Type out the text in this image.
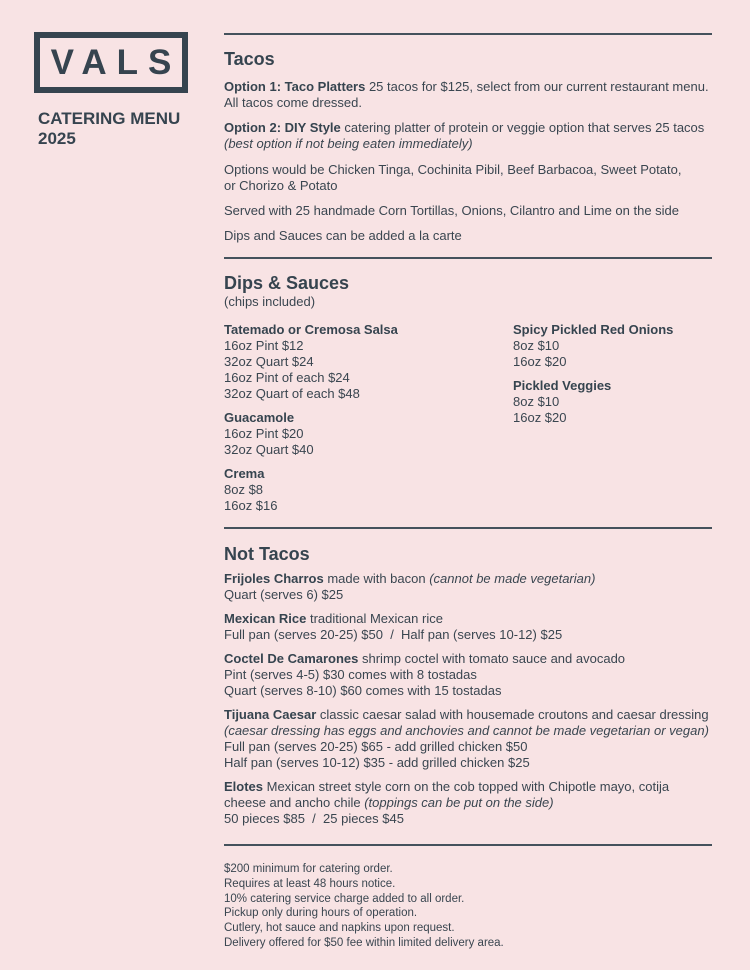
VALS
CATERING MENU
2025
Tacos

Option 1: Taco Platters 25 tacos for $125, select from our current restaurant menu.
All tacos come dressed.

Option 2: DIY Style catering platter of protein or veggie option that serves 25 tacos
(best option if not being eaten immediately)

Options would be Chicken Tinga, Cochinita Pibil, Beef Barbacoa, Sweet Potato,
or Chorizo & Potato

Served with 25 handmade Corn Tortillas, Onions, Cilantro and Lime on the side

Dips and Sauces can be added a la carte

Dips & Sauces

(chips included)

Tatemado or Cremosa Salsa
16oz Pint $12
32oz Quart $24
16oz Pint of each $24
32oz Quart of each $48
Guacamole
16oz Pint $20
32oz Quart $40
Crema
8oz $8
16oz $16
Spicy Pickled Red Onions
8oz $10
16oz $20
Pickled Veggies
8oz $10
16oz $20
Not Tacos

Frijoles Charros made with bacon (cannot be made vegetarian)
Quart (serves 6) $25

Mexican Rice traditional Mexican rice
Full pan (serves 20-25) $50  /  Half pan (serves 10-12) $25

Coctel De Camarones shrimp coctel with tomato sauce and avocado
Pint (serves 4-5) $30 comes with 8 tostadas
Quart (serves 8-10) $60 comes with 15 tostadas

Tijuana Caesar classic caesar salad with housemade croutons and caesar dressing
(caesar dressing has eggs and anchovies and cannot be made vegetarian or vegan)
Full pan (serves 20-25) $65 - add grilled chicken $50
Half pan (serves 10-12) $35 - add grilled chicken $25

Elotes Mexican street style corn on the cob topped with Chipotle mayo, cotija
cheese and ancho chile (toppings can be put on the side)
50 pieces $85  /  25 pieces $45

$200 minimum for catering order.
Requires at least 48 hours notice.
10% catering service charge added to all order.
Pickup only during hours of operation.
Cutlery, hot sauce and napkins upon request.
Delivery offered for $50 fee within limited delivery area.
